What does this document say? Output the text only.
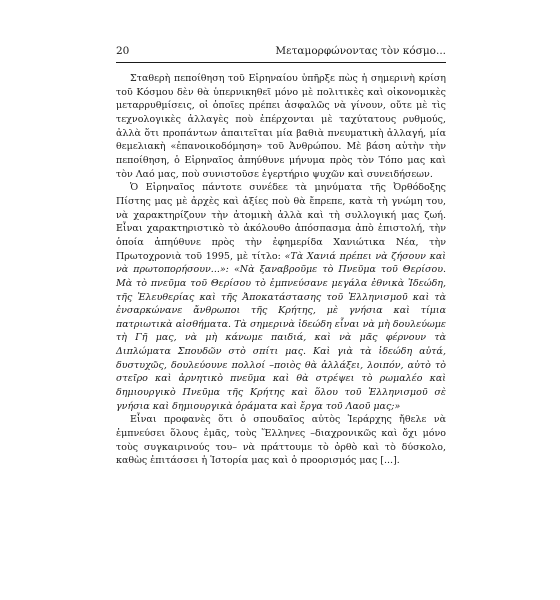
20	Μεταμορφώνοντας τὸν κόσμο...

Σταθερὴ πεποίθηση τοῦ Εἰρηναίου ὑπῆρξε πὼς ἡ σημερινὴ κρίση τοῦ Κόσμου δὲν θὰ ὑπερνικηθεῖ μόνο μὲ πολιτικὲς καὶ οἰκονομικὲς μεταρρυθμίσεις, οἱ ὁποῖες πρέπει ἀσφαλῶς νὰ γίνουν, οὔτε μὲ τὶς τεχνολογικὲς ἀλλαγὲς ποὺ ἐπέρχονται μὲ ταχύτατους ρυθμούς, ἀλλὰ ὅτι προπάντων ἀπαιτεῖται μία βαθιὰ πνευματικὴ ἀλλαγή, μία θεμελιακὴ «ἐπανοικοδόμηση» τοῦ Ἀνθρώπου. Μὲ βάση αὐτὴν τὴν πεποίθηση, ὁ Εἰρηναῖος ἀπηύθυνε μήνυμα πρὸς τὸν Τόπο μας καὶ τὸν Λαό μας, ποὺ συνιστοῦσε ἐγερτήριο ψυχῶν καὶ συνειδήσεων.

Ὁ Εἰρηναῖος πάντοτε συνέδεε τὰ μηνύματα τῆς Ὀρθόδοξης Πίστης μας μὲ ἀρχὲς καὶ ἀξίες ποὺ θὰ ἔπρεπε, κατὰ τὴ γνώμη του, νὰ χαρακτηρίζουν τὴν ἀτομικὴ ἀλλὰ καὶ τὴ συλλογική μας ζωή. Εἶναι χαρακτηριστικὸ τὸ ἀκόλουθο ἀπόσπασμα ἀπὸ ἐπιστολή, τὴν ὁποία ἀπηύθυνε πρὸς τὴν ἐφημερίδα Χανιώτικα Νέα, τὴν Πρωτοχρονιὰ τοῦ 1995, μὲ τίτλο: «Τὰ Χανιά πρέπει νὰ ζήσουν καὶ νὰ πρωτοπορήσουν...»: «Νὰ ξαναβροῦμε τὸ Πνεῦμα τοῦ Θερίσου. Μὰ τὸ πνεῦμα τοῦ Θερίσου τὸ ἐμπνεύσανε μεγάλα ἐθνικὰ Ἰδεώδη, τῆς Ἐλευθερίας καὶ τῆς Ἀποκατάστασης τοῦ Ἑλληνισμοῦ καὶ τὰ ἐνσαρκώνανε ἄνθρωποι τῆς Κρήτης, μὲ γνήσια καὶ τίμια πατριωτικὰ αἰσθήματα. Τὰ σημερινὰ ἰδεώδη εἶναι νὰ μὴ δουλεύωμε τὴ Γῆ μας, νὰ μὴ κάνωμε παιδιά, καὶ νὰ μᾶς φέρνουν τὰ Διπλώματα Σπουδῶν στὸ σπίτι μας. Καὶ γιὰ τὰ ἰδεώδη αὐτά, δυστυχῶς, δουλεύουνε πολλοί –ποιὸς θὰ ἀλλάξει, λοιπόν, αὐτὸ τὸ στεῖρο καὶ ἀρνητικὸ πνεῦμα καὶ θὰ στρέψει τὸ ρωμαλέο καὶ δημιουργικὸ Πνεῦμα τῆς Κρήτης καὶ ὅλου τοῦ Ἑλληνισμοῦ σὲ γνήσια καὶ δημιουργικὰ ὁράματα καὶ ἔργα τοῦ Λαοῦ μας;»

Εἶναι προφανὲς ὅτι ὁ σπουδαῖος αὐτὸς Ἱεράρχης ἤθελε νὰ ἐμπνεύσει ὅλους ἐμᾶς, τοὺς Ἕλληνες –διαχρονικῶς καὶ ὄχι μόνο τοὺς συγκαιρινούς του– νὰ πράττουμε τὸ ὀρθὸ καὶ τὸ δύσκολο, καθὼς ἐπιτάσσει ἡ Ἱστορία μας καὶ ὁ προορισμός μας [...].
